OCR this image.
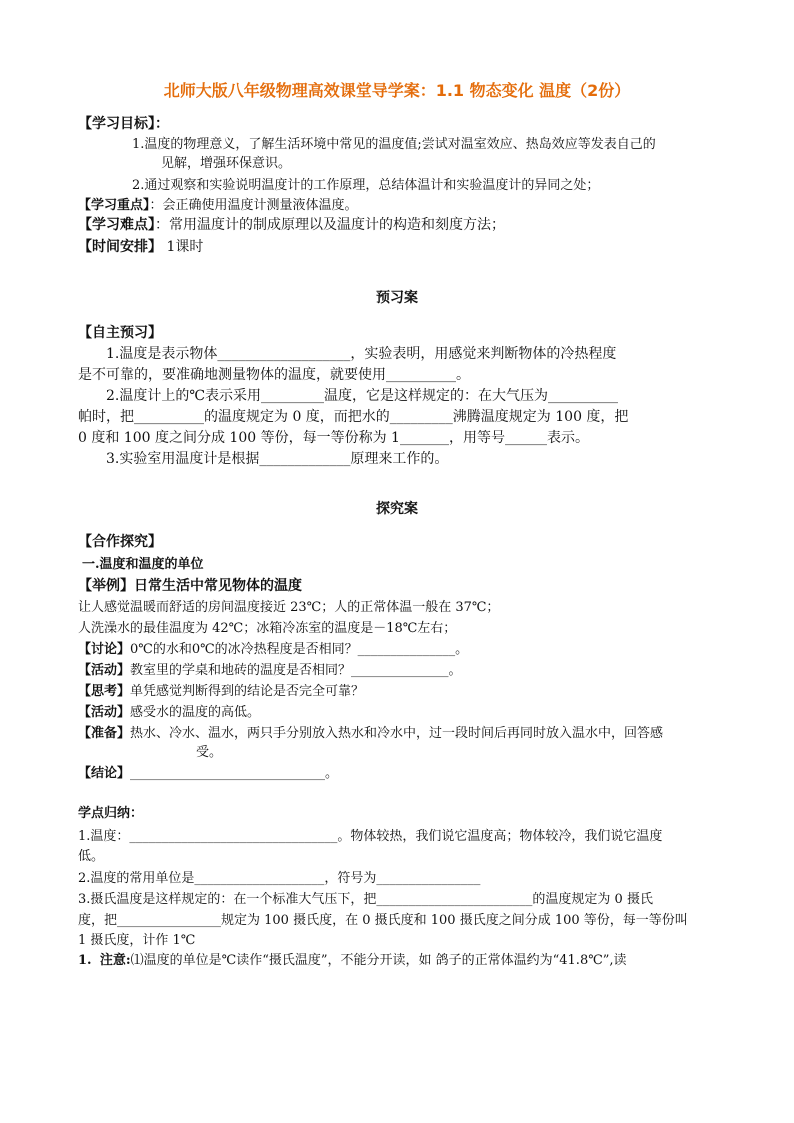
北师大版八年级物理高效课堂导学案：1.1 物态变化 温度（2份）
【学习目标】：
1.温度的物理意义，了解生活环境中常见的温度值;尝试对温室效应、热岛效应等发表自己的
见解，增强环保意识。
2.通过观察和实验说明温度计的工作原理，总结体温计和实验温度计的异同之处；
【学习重点】：会正确使用温度计测量液体温度。
【学习难点】：常用温度计的制成原理以及温度计的构造和刻度方法；
【时间安排】 1课时
预习案
【自主预习】
1.温度是表示物体___________________，实验表明，用感觉来判断物体的冷热程度
是不可靠的，要准确地测量物体的温度，就要使用__________。
2.温度计上的℃表示采用_________温度，它是这样规定的：在大气压为__________
帕时，把__________的温度规定为 0 度，而把水的_________沸腾温度规定为 100 度，把
0 度和 100 度之间分成 100 等份，每一等份称为 1_______，用等号______表示。
3.实验室用温度计是根据_____________原理来工作的。
探究案
【合作探究】
一.温度和温度的单位
【举例】日常生活中常见物体的温度
让人感觉温暖而舒适的房间温度接近 23℃；人的正常体温一般在 37℃；
人洗澡水的最佳温度为 42℃；冰箱冷冻室的温度是－18℃左右；
【讨论】0℃的水和0℃的冰冷热程度是否相同？_______________。
【活动】教室里的学桌和地砖的温度是否相同？_______________。
【思考】单凭感觉判断得到的结论是否完全可靠？
【活动】感受水的温度的高低。
【准备】热水、冷水、温水，两只手分别放入热水和冷水中，过一段时间后再同时放入温水中，回答感
受。
【结论】______________________________。
学点归纳：
1.温度：________________________________。物体较热，我们说它温度高；物体较冷，我们说它温度
低。
2.温度的常用单位是____________________，符号为________________
3.摄氏温度是这样规定的：在一个标准大气压下，把________________________的温度规定为 0 摄氏
度，把________________规定为 100 摄氏度，在 0 摄氏度和 100 摄氏度之间分成 100 等份，每一等份叫
1 摄氏度，计作 1℃
1. 注意:⑴温度的单位是℃读作“摄氏温度”，不能分开读，如 鸽子的正常体温约为“41.8℃”,读
